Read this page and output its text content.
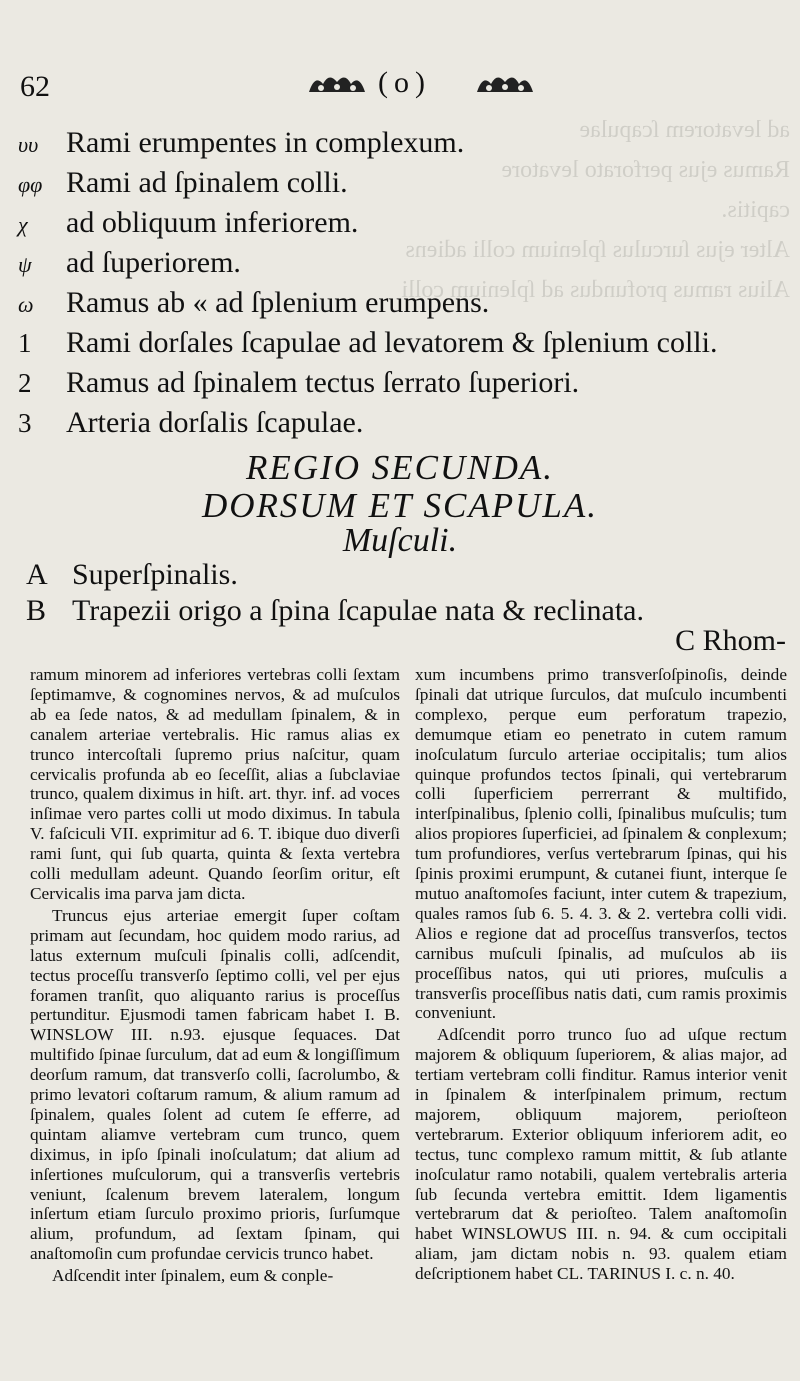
ad levatorem ſcapulae
Ramus ejus perforato levatore
capitis.
Alter ejus ſurculus ſplenium colli adiens
Alius ramus profundus ad ſplenium colli
62	(o)
υυ Rami erumpentes in complexum.
φφ Rami ad ſpinalem colli.
χ	ad obliquum inferiorem.
ψ	ad ſuperiorem.
ω	Ramus ab « ad ſplenium erumpens.
1	Rami dorſales ſcapulae ad levatorem & ſplenium colli.
2	Ramus ad ſpinalem tectus ſerrato ſuperiori.
3	Arteria dorſalis ſcapulae.
REGIO SECUNDA.
DORSUM ET SCAPULA.
Muſculi.
A Superſpinalis.
B Trapezii origo a ſpina ſcapulae nata & reclinata.
C Rhom-

ramum minorem ad inferiores vertebras colli ſextam ſeptimamve, & cognomines nervos, & ad muſculos ab ea ſede natos, & ad medullam ſpinalem, & in canalem arteriae vertebralis. Hic ramus alias ex trunco intercoſtali ſupremo prius naſcitur, quam cervicalis profunda ab eo ſeceſſit, alias a ſubclaviae trunco, qualem diximus in hiſt. art. thyr. inf. ad voces inſimae vero partes colli ut modo diximus. In tabula V. faſciculi VII. exprimitur ad 6. T. ibique duo diverſi rami ſunt, qui ſub quarta, quinta & ſexta vertebra colli medullam adeunt. Quando ſeorſim oritur, eſt Cervicalis ima parva jam dicta.

Truncus ejus arteriae emergit ſuper coſtam primam aut ſecundam, hoc quidem modo rarius, ad latus externum muſculi ſpinalis colli, adſcendit, tectus proceſſu transverſo ſeptimo colli, vel per ejus foramen tranſit, quo aliquanto rarius is proceſſus pertunditur. Ejusmodi tamen fabricam habet I. B. WINSLOW III. n.93. ejusque ſequaces. Dat multifido ſpinae ſurculum, dat ad eum & longiſſimum deorſum ramum, dat transverſo colli, ſacrolumbo, & primo levatori coſtarum ramum, & alium ramum ad ſpinalem, quales ſolent ad cutem ſe efferre, ad quintam aliamve vertebram cum trunco, quem diximus, in ipſo ſpinali inoſculatum; dat alium ad inſertiones muſculorum, qui a transverſis vertebris veniunt, ſcalenum brevem lateralem, longum inſertum etiam ſurculo proximo prioris, ſurſumque alium, profundum, ad ſextam ſpinam, qui anaſtomoſin cum profundae cervicis trunco habet.

Adſcendit inter ſpinalem, eum & conple-

xum incumbens primo transverſoſpinoſis, deinde ſpinali dat utrique ſurculos, dat muſculo incumbenti complexo, perque eum perforatum trapezio, demumque etiam eo penetrato in cutem ramum inoſculatum ſurculo arteriae occipitalis; tum alios quinque profundos tectos ſpinali, qui vertebrarum colli ſuperficiem perrerrant & multifido, interſpinalibus, ſplenio colli, ſpinalibus muſculis; tum alios propiores ſuperficiei, ad ſpinalem & conplexum; tum profundiores, verſus vertebrarum ſpinas, qui his ſpinis proximi erumpunt, & cutanei fiunt, interque ſe mutuo anaſtomoſes faciunt, inter cutem & trapezium, quales ramos ſub 6. 5. 4. 3. & 2. vertebra colli vidi. Alios e regione dat ad proceſſus transverſos, tectos carnibus muſculi ſpinalis, ad muſculos ab iis proceſſibus natos, qui uti priores, muſculis a transverſis proceſſibus natis dati, cum ramis proximis conveniunt.

Adſcendit porro trunco ſuo ad uſque rectum majorem & obliquum ſuperiorem, & alias major, ad tertiam vertebram colli finditur. Ramus interior venit in ſpinalem & interſpinalem primum, rectum majorem, obliquum majorem, perioſteon vertebrarum. Exterior obliquum inferiorem adit, eo tectus, tunc complexo ramum mittit, & ſub atlante inoſculatur ramo notabili, qualem vertebralis arteria ſub ſecunda vertebra emittit. Idem ligamentis vertebrarum dat & perioſteo. Talem anaſtomoſin habet WINSLOWUS III. n. 94. & cum occipitali aliam, jam dictam nobis n. 93. qualem etiam deſcriptionem habet CL. TARINUS I. c. n. 40.
